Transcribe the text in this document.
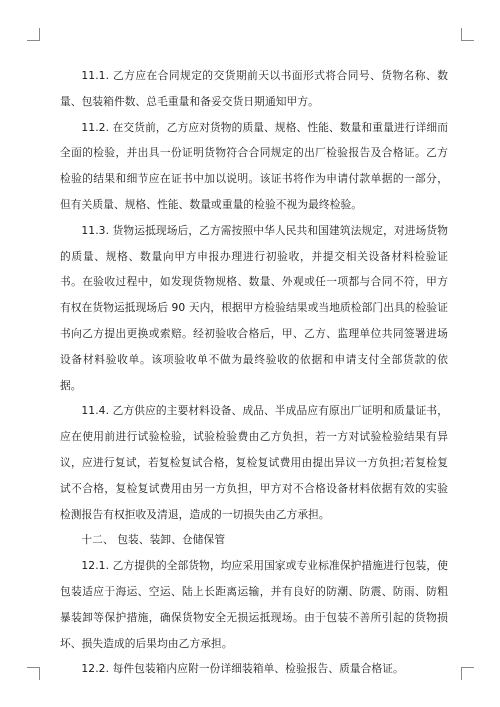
11.1. 乙方应在合同规定的交货期前天以书面形式将合同号、货物名称、数量、包装箱件数、总毛重量和备妥交货日期通知甲方。

11.2. 在交货前，乙方应对货物的质量、规格、性能、数量和重量进行详细而全面的检验，并出具一份证明货物符合合同规定的出厂检验报告及合格证。乙方检验的结果和细节应在证书中加以说明。该证书将作为申请付款单据的一部分，但有关质量、规格、性能、数量或重量的检验不视为最终检验。

11.3. 货物运抵现场后，乙方需按照中华人民共和国建筑法规定，对进场货物的质量、规格、数量向甲方申报办理进行初验收，并提交相关设备材料检验证书。在验收过程中，如发现货物规格、数量、外观或任一项都与合同不符，甲方有权在货物运抵现场后 90 天内，根据甲方检验结果或当地质检部门出具的检验证书向乙方提出更换或索赔。经初验收合格后，甲、乙方、监理单位共同签署进场设备材料验收单。该项验收单不做为最终验收的依据和申请支付全部货款的依据。

11.4. 乙方供应的主要材料设备、成品、半成品应有原出厂证明和质量证书，应在使用前进行试验检验，试验检验费由乙方负担，若一方对试验检验结果有异议，应进行复试，若复检复试合格，复检复试费用由提出异议一方负担;若复检复试不合格，复检复试费用由另一方负担，甲方对不合格设备材料依据有效的实验检测报告有权拒收及清退，造成的一切损失由乙方承担。

十二、 包装、装卸、仓储保管

12.1. 乙方提供的全部货物，均应采用国家或专业标准保护措施进行包装，使包装适应于海运、空运、陆上长距离运输，并有良好的防潮、防震、防雨、防粗暴装卸等保护措施，确保货物安全无损运抵现场。由于包装不善所引起的货物损坏、损失造成的后果均由乙方承担。

12.2. 每件包装箱内应附一份详细装箱单、检验报告、质量合格证。
